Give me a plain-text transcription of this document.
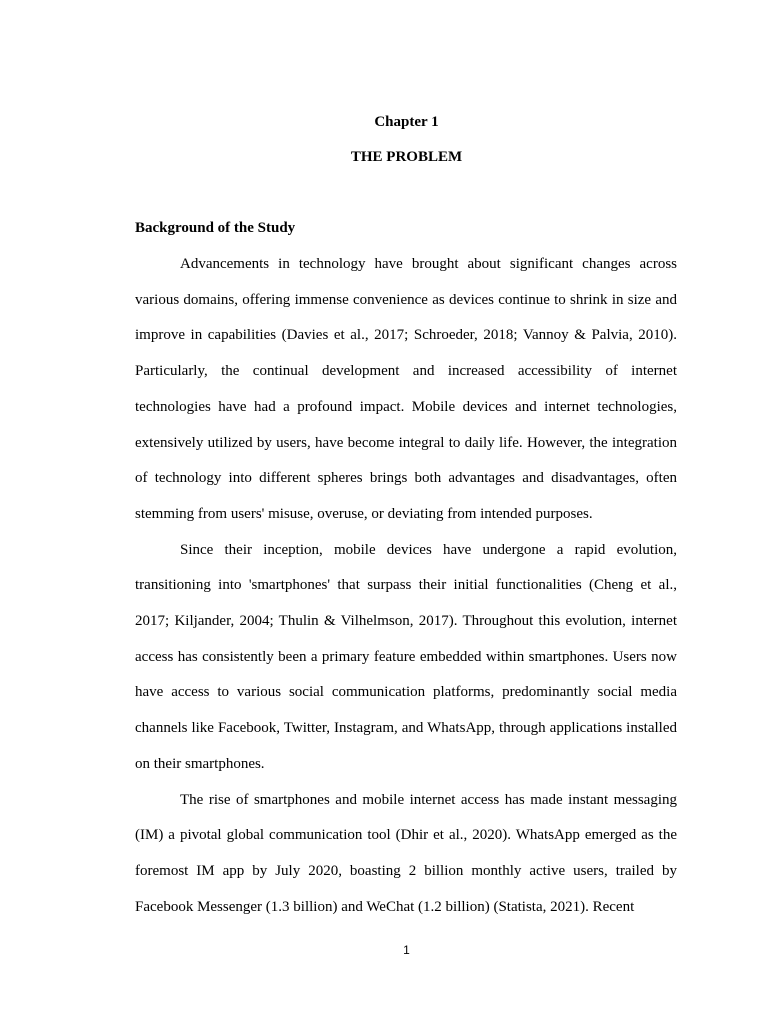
Chapter 1
THE PROBLEM
Background of the Study

Advancements in technology have brought about significant changes across various domains, offering immense convenience as devices continue to shrink in size and improve in capabilities (Davies et al., 2017; Schroeder, 2018; Vannoy & Palvia, 2010). Particularly, the continual development and increased accessibility of internet technologies have had a profound impact. Mobile devices and internet technologies, extensively utilized by users, have become integral to daily life. However, the integration of technology into different spheres brings both advantages and disadvantages, often stemming from users' misuse, overuse, or deviating from intended purposes.

Since their inception, mobile devices have undergone a rapid evolution, transitioning into 'smartphones' that surpass their initial functionalities (Cheng et al., 2017; Kiljander, 2004; Thulin & Vilhelmson, 2017). Throughout this evolution, internet access has consistently been a primary feature embedded within smartphones. Users now have access to various social communication platforms, predominantly social media channels like Facebook, Twitter, Instagram, and WhatsApp, through applications installed on their smartphones.

The rise of smartphones and mobile internet access has made instant messaging (IM) a pivotal global communication tool (Dhir et al., 2020). WhatsApp emerged as the foremost IM app by July 2020, boasting 2 billion monthly active users, trailed by Facebook Messenger (1.3 billion) and WeChat (1.2 billion) (Statista, 2021). Recent

1
